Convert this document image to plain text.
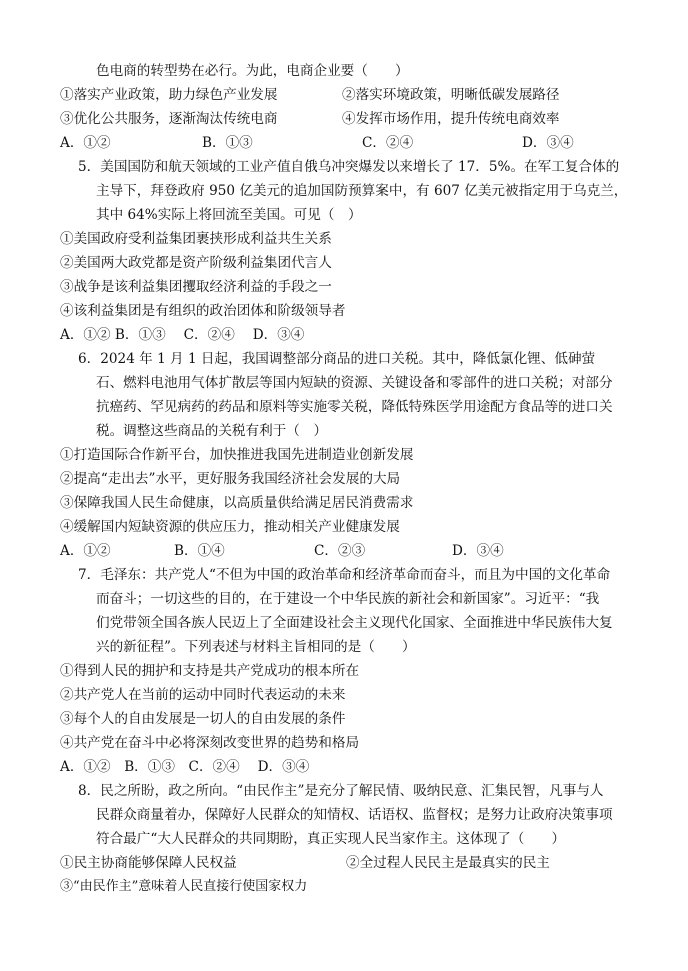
色电商的转型势在必行。为此，电商企业要（　　）
①落实产业政策，助力绿色产业发展	②落实环境政策，明晰低碳发展路径
③优化公共服务，逐渐淘汰传统电商	④发挥市场作用，提升传统电商效率
A．①②	B．①③	C．②④	D．③④
5．美国国防和航天领域的工业产值自俄乌冲突爆发以来增长了 17．5%。在军工复合体的
主导下，拜登政府 950 亿美元的追加国防预算案中，有 607 亿美元被指定用于乌克兰，
其中 64%实际上将回流至美国。可见（　）
①美国政府受利益集团裹挟形成利益共生关系
②美国两大政党都是资产阶级利益集团代言人
③战争是该利益集团攫取经济利益的手段之一
④该利益集团是有组织的政治团体和阶级领导者
A．①② B．①③　 C．②④　 D．③④
6．2024 年 1 月 1 日起，我国调整部分商品的进口关税。其中，降低氯化锂、低砷萤
石、燃料电池用气体扩散层等国内短缺的资源、关键设备和零部件的进口关税；对部分
抗癌药、罕见病药的药品和原料等实施零关税，降低特殊医学用途配方食品等的进口关
税。调整这些商品的关税有利于（　）
①打造国际合作新平台，加快推进我国先进制造业创新发展
②提高“走出去”水平，更好服务我国经济社会发展的大局
③保障我国人民生命健康，以高质量供给满足居民消费需求
④缓解国内短缺资源的供应压力，推动相关产业健康发展
A．①②	B．①④	C．②③	D．③④
7．毛泽东：共产党人“不但为中国的政治革命和经济革命而奋斗，而且为中国的文化革命
而奋斗；一切这些的目的，在于建设一个中华民族的新社会和新国家”。习近平：“我
们党带领全国各族人民迈上了全面建设社会主义现代化国家、全面推进中华民族伟大复
兴的新征程”。下列表述与材料主旨相同的是（　　）
①得到人民的拥护和支持是共产党成功的根本所在
②共产党人在当前的运动中同时代表运动的未来
③每个人的自由发展是一切人的自由发展的条件
④共产党在奋斗中必将深刻改变世界的趋势和格局
A．①②　B．①③　C．②④　 D．③④
8．民之所盼，政之所向。“由民作主”是充分了解民情、吸纳民意、汇集民智，凡事与人
民群众商量着办，保障好人民群众的知情权、话语权、监督权；是努力让政府决策事项
符合最广“大人民群众的共同期盼，真正实现人民当家作主。这体现了（　　）
①民主协商能够保障人民权益	②全过程人民民主是最真实的民主
③“由民作主”意味着人民直接行使国家权力
